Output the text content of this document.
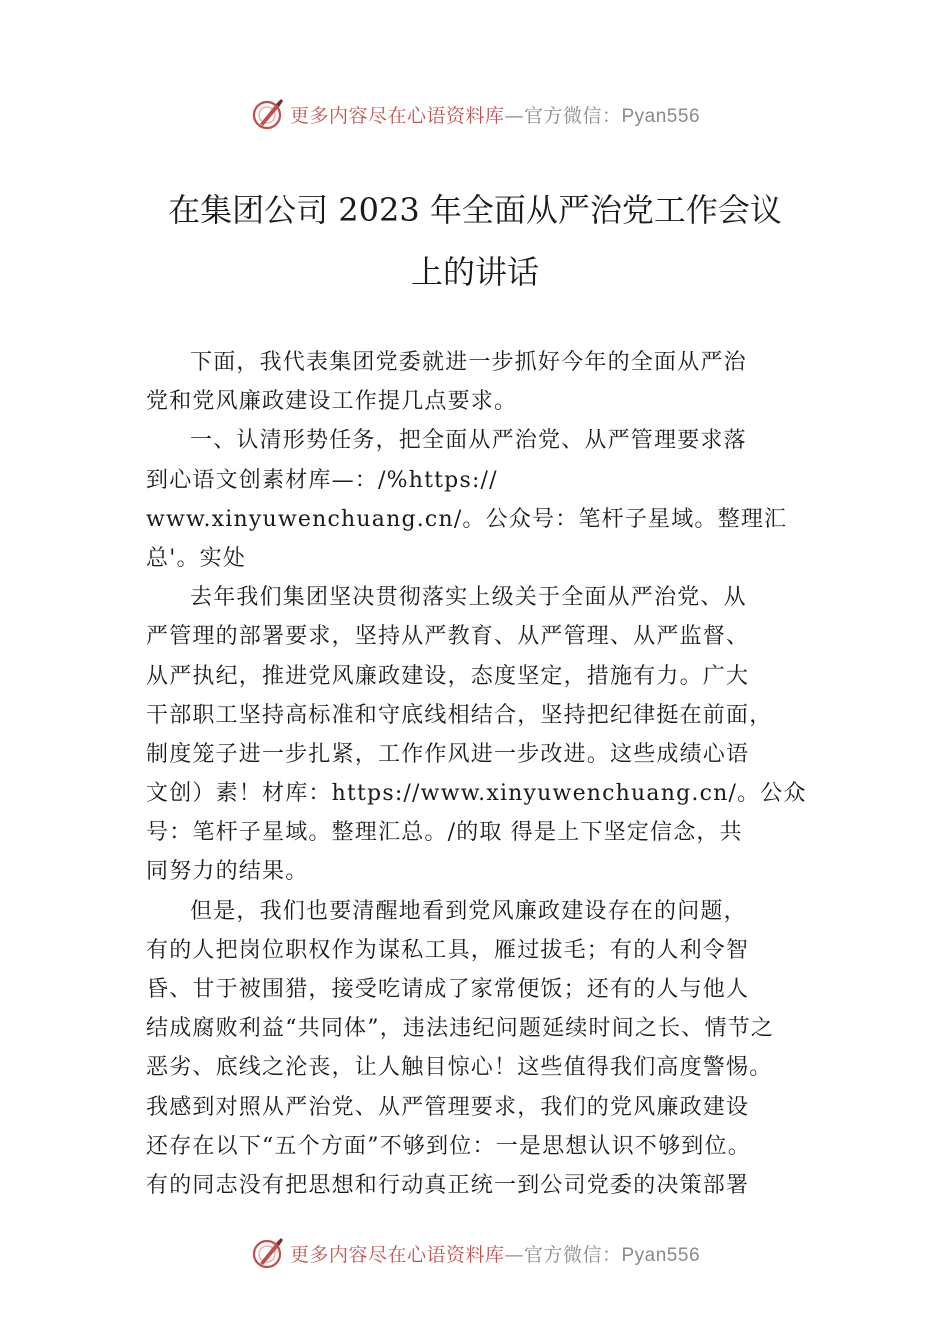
更多内容尽在心语资料库—官方微信：Pyan556
在集团公司 2023 年全面从严治党工作会议
上的讲话
下面，我代表集团党委就进一步抓好今年的全面从严治
党和党风廉政建设工作提几点要求。
一、认清形势任务，把全面从严治党、从严管理要求落
到心语文创素材库—：/%https://
www.xinyuwenchuang.cn/。公众号：笔杆子星域。整理汇
总'。实处
去年我们集团坚决贯彻落实上级关于全面从严治党、从
严管理的部署要求，坚持从严教育、从严管理、从严监督、
从严执纪，推进党风廉政建设，态度坚定，措施有力。广大
干部职工坚持高标准和守底线相结合，坚持把纪律挺在前面，
制度笼子进一步扎紧，工作作风进一步改进。这些成绩心语
文创）素！材库：https://www.xinyuwenchuang.cn/。公众
号：笔杆子星域。整理汇总。/的取 得是上下坚定信念，共
同努力的结果。
但是，我们也要清醒地看到党风廉政建设存在的问题，
有的人把岗位职权作为谋私工具，雁过拔毛；有的人利令智
昏、甘于被围猎，接受吃请成了家常便饭；还有的人与他人
结成腐败利益“共同体”，违法违纪问题延续时间之长、情节之
恶劣、底线之沦丧，让人触目惊心！这些值得我们高度警惕。
我感到对照从严治党、从严管理要求，我们的党风廉政建设
还存在以下“五个方面”不够到位：一是思想认识不够到位。
有的同志没有把思想和行动真正统一到公司党委的决策部署
更多内容尽在心语资料库—官方微信：Pyan556
